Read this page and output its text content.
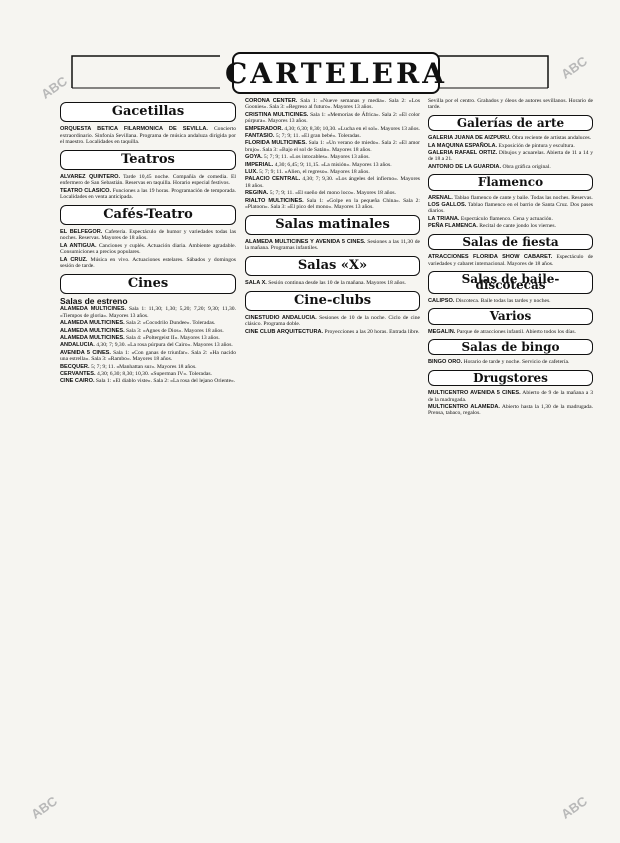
CARTELERA
Gacetillas

ORQUESTA BETICA FILARMONICA DE SEVILLA. Concierto extraordinario. Sinfonía Sevillana. Programa de música andaluza dirigida por el maestro. Localidades en taquilla.

Teatros

ALVAREZ QUINTERO. Tarde 10,45 noche. Compañía de comedia. El enfermero de San Sebastián. Reservas en taquilla. Horario especial festivos.

TEATRO CLASICO. Funciones a las 19 horas. Programación de temporada. Localidades en venta anticipada.

Cafés-Teatro

EL BELFEGOR. Cafetería. Espectáculo de humor y variedades todas las noches. Reservas. Mayores de 18 años.

LA ANTIGUA. Canciones y cuplés. Actuación diaria. Ambiente agradable. Consumiciones a precios populares.

LA CRUZ. Música en vivo. Actuaciones estelares. Sábados y domingos sesión de tarde.

Cines
Salas de estreno

ALAMEDA MULTICINES. Sala 1: 11,30; 1,30; 5,20; 7,20; 9,30; 11,30. «Tiempos de gloria». Mayores 13 años.

ALAMEDA MULTICINES. Sala 2: «Cocodrilo Dundee». Toleradas.

ALAMEDA MULTICINES. Sala 3: «Agnes de Dios». Mayores 18 años.

ALAMEDA MULTICINES. Sala 4: «Poltergeist II». Mayores 13 años.

ANDALUCIA. 4,30; 7; 9,30. «La rosa púrpura del Cairo». Mayores 13 años.

AVENIDA 5 CINES. Sala 1: «Con ganas de triunfar». Sala 2: «Ha nacido una estrella». Sala 3: «Rambo». Mayores 18 años.

BECQUER. 5; 7; 9; 11. «Manhattan sur». Mayores 18 años.

CERVANTES. 4,30; 6,30; 8,30; 10,30. «Superman IV». Toleradas.

CINE CAIRO. Sala 1: «El diablo viste». Sala 2: «La rosa del lejano Oriente».

CORONA CENTER. Sala 1: «Nueve semanas y media». Sala 2: «Los Goonies». Sala 3: «Regreso al futuro». Mayores 13 años.

CRISTINA MULTICINES. Sala 1: «Memorias de África». Sala 2: «El color púrpura». Mayores 13 años.

EMPERADOR. 4,30; 6,30; 8,30; 10,30. «Lucha en el sol». Mayores 13 años.

FANTASIO. 5; 7; 9; 11. «El gran bebé». Toleradas.

FLORIDA MULTICINES. Sala 1: «Un verano de miedo». Sala 2: «El amor brujo». Sala 3: «Bajo el sol de Satán». Mayores 18 años.

GOYA. 5; 7; 9; 11. «Los intocables». Mayores 13 años.

IMPERIAL. 4,30; 6,45; 9; 11,15. «La misión». Mayores 13 años.

LUX. 5; 7; 9; 11. «Alien, el regreso». Mayores 18 años.

PALACIO CENTRAL. 4,30; 7; 9,30. «Los ángeles del infierno». Mayores 18 años.

REGINA. 5; 7; 9; 11. «El sueño del mono loco». Mayores 18 años.

RIALTO MULTICINES. Sala 1: «Golpe en la pequeña China». Sala 2: «Platoon». Sala 3: «El pico del mono». Mayores 13 años.

Salas matinales

ALAMEDA MULTICINES Y AVENIDA 5 CINES. Sesiones a las 11,30 de la mañana. Programas infantiles.

Salas «X»

SALA X. Sesión continua desde las 10 de la mañana. Mayores 18 años.

Cine-clubs

CINESTUDIO ANDALUCIA. Sesiones de 10 de la noche. Ciclo de cine clásico. Programa doble.

CINE CLUB ARQUITECTURA. Proyecciones a las 20 horas. Entrada libre.

Sevilla por el centro. Grabados y óleos de autores sevillanos. Horario de tarde.

Galerías de arte

GALERIA JUANA DE AIZPURU. Obra reciente de artistas andaluces.

LA MAQUINA ESPAÑOLA. Exposición de pintura y escultura.

GALERIA RAFAEL ORTIZ. Dibujos y acuarelas. Abierta de 11 a 14 y de 18 a 21.

ANTONIO DE LA GUARDIA. Obra gráfica original.

Flamenco

ARENAL. Tablao flamenco de cante y baile. Todas las noches. Reservas.

LOS GALLOS. Tablao flamenco en el barrio de Santa Cruz. Dos pases diarios.

LA TRIANA. Espectáculo flamenco. Cena y actuación.

PEÑA FLAMENCA. Recital de cante jondo los viernes.

Salas de fiesta

ATRACCIONES FLORIDA SHOW CABARET. Espectáculo de variedades y cabaret internacional. Mayores de 18 años.

Salas de baile-discotecas

CALIPSO. Discoteca. Baile todas las tardes y noches.

Varios

MEGALIN. Parque de atracciones infantil. Abierto todos los días.

Salas de bingo

BINGO ORO. Horario de tarde y noche. Servicio de cafetería.

Drugstores

MULTICENTRO AVENIDA 5 CINES. Abierto de 9 de la mañana a 3 de la madrugada.

MULTICENTRO ALAMEDA. Abierto hasta la 1,30 de la madrugada. Prensa, tabaco, regalos.

ABC
ABC
ABC
ABC
